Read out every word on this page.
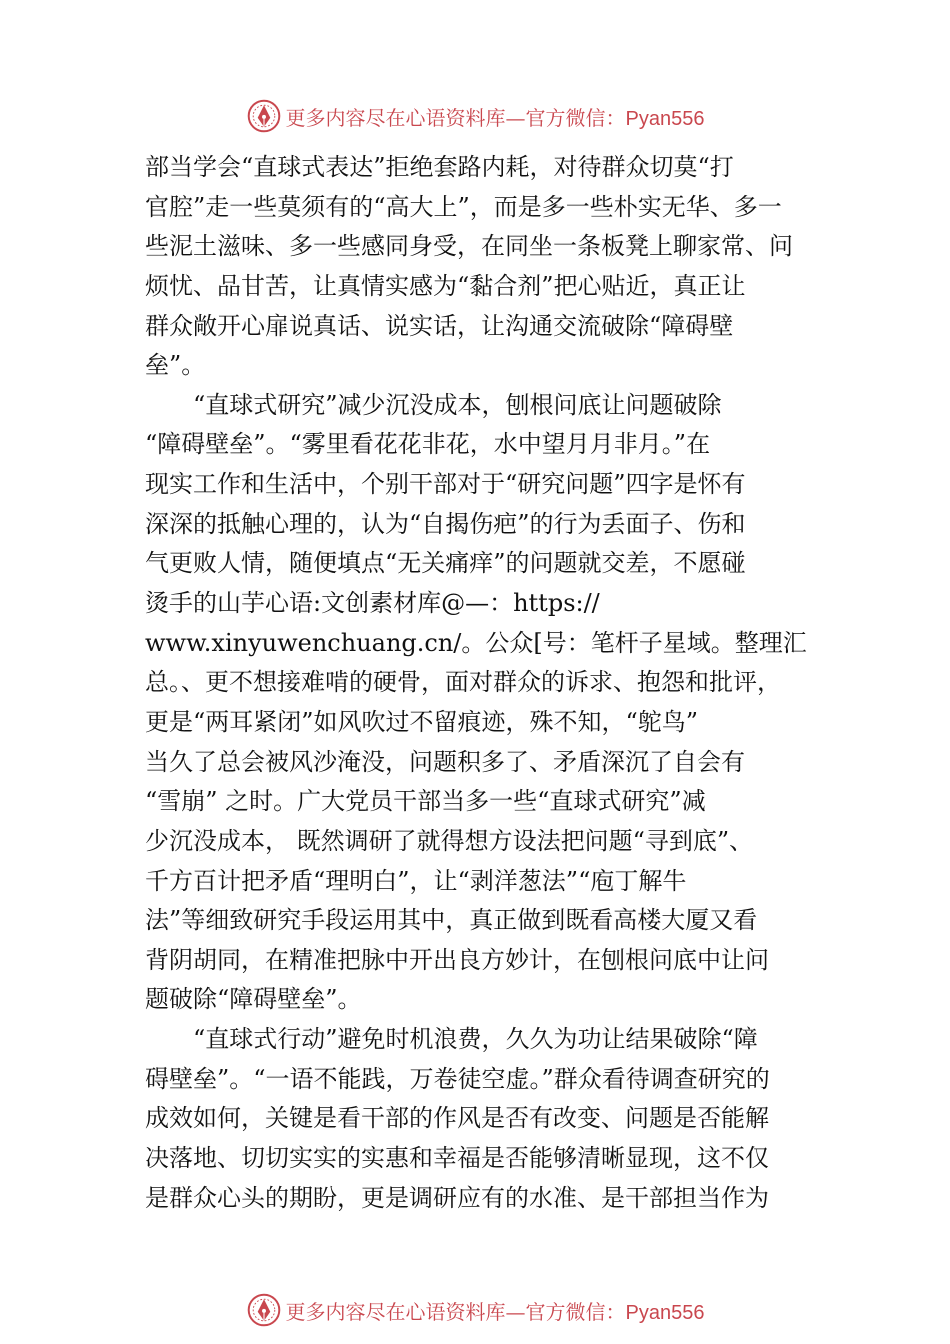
更多内容尽在心语资料库—官方微信：Pyan556
部当学会“直球式表达”拒绝套路内耗，对待群众切莫“打
官腔”走一些莫须有的“高大上”，而是多一些朴实无华、多一
些泥土滋味、多一些感同身受，在同坐一条板凳上聊家常、问
烦忧、品甘苦，让真情实感为“黏合剂”把心贴近，真正让
群众敞开心扉说真话、说实话，让沟通交流破除“障碍壁
垒”。
　　“直球式研究”减少沉没成本，刨根问底让问题破除
“障碍壁垒”。“雾里看花花非花，水中望月月非月。”在
现实工作和生活中，个别干部对于“研究问题”四字是怀有
深深的抵触心理的，认为“自揭伤疤”的行为丢面子、伤和
气更败人情，随便填点“无关痛痒”的问题就交差，不愿碰
烫手的山芋心语:文创素材库@—：https://
www.xinyuwenchuang.cn/。公众[号：笔杆子星域。整理汇
总。、更不想接难啃的硬骨，面对群众的诉求、抱怨和批评，
更是“两耳紧闭”如风吹过不留痕迹，殊不知，“鸵鸟”
当久了总会被风沙淹没，问题积多了、矛盾深沉了自会有
“雪崩” 之时。广大党员干部当多一些“直球式研究”减
少沉没成本， 既然调研了就得想方设法把问题“寻到底”、
千方百计把矛盾“理明白”，让“剥洋葱法”“庖丁解牛
法”等细致研究手段运用其中，真正做到既看高楼大厦又看
背阴胡同，在精准把脉中开出良方妙计，在刨根问底中让问
题破除“障碍壁垒”。
　　“直球式行动”避免时机浪费，久久为功让结果破除“障
碍壁垒”。“一语不能践，万卷徒空虚。”群众看待调查研究的
成效如何，关键是看干部的作风是否有改变、问题是否能解
决落地、切切实实的实惠和幸福是否能够清晰显现，这不仅
是群众心头的期盼，更是调研应有的水准、是干部担当作为
更多内容尽在心语资料库—官方微信：Pyan556
